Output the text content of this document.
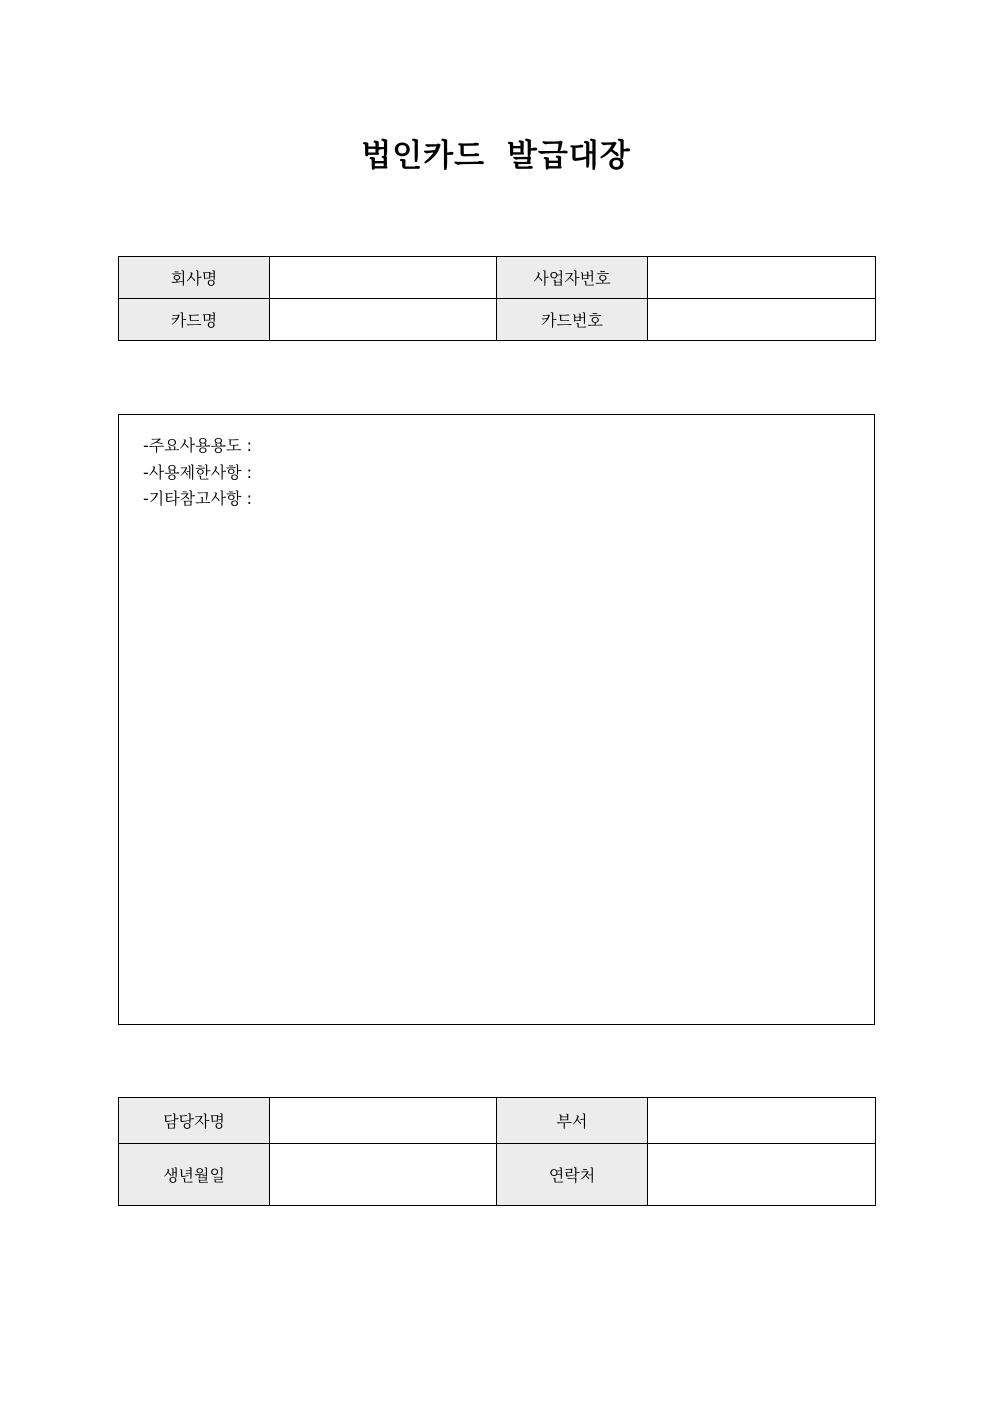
법인카드 발급대장
회사명		사업자번호	
카드명		카드번호	
-주요사용용도 :
-사용제한사항 :
-기타참고사항 :
담당자명		부서	
생년월일		연락처	
